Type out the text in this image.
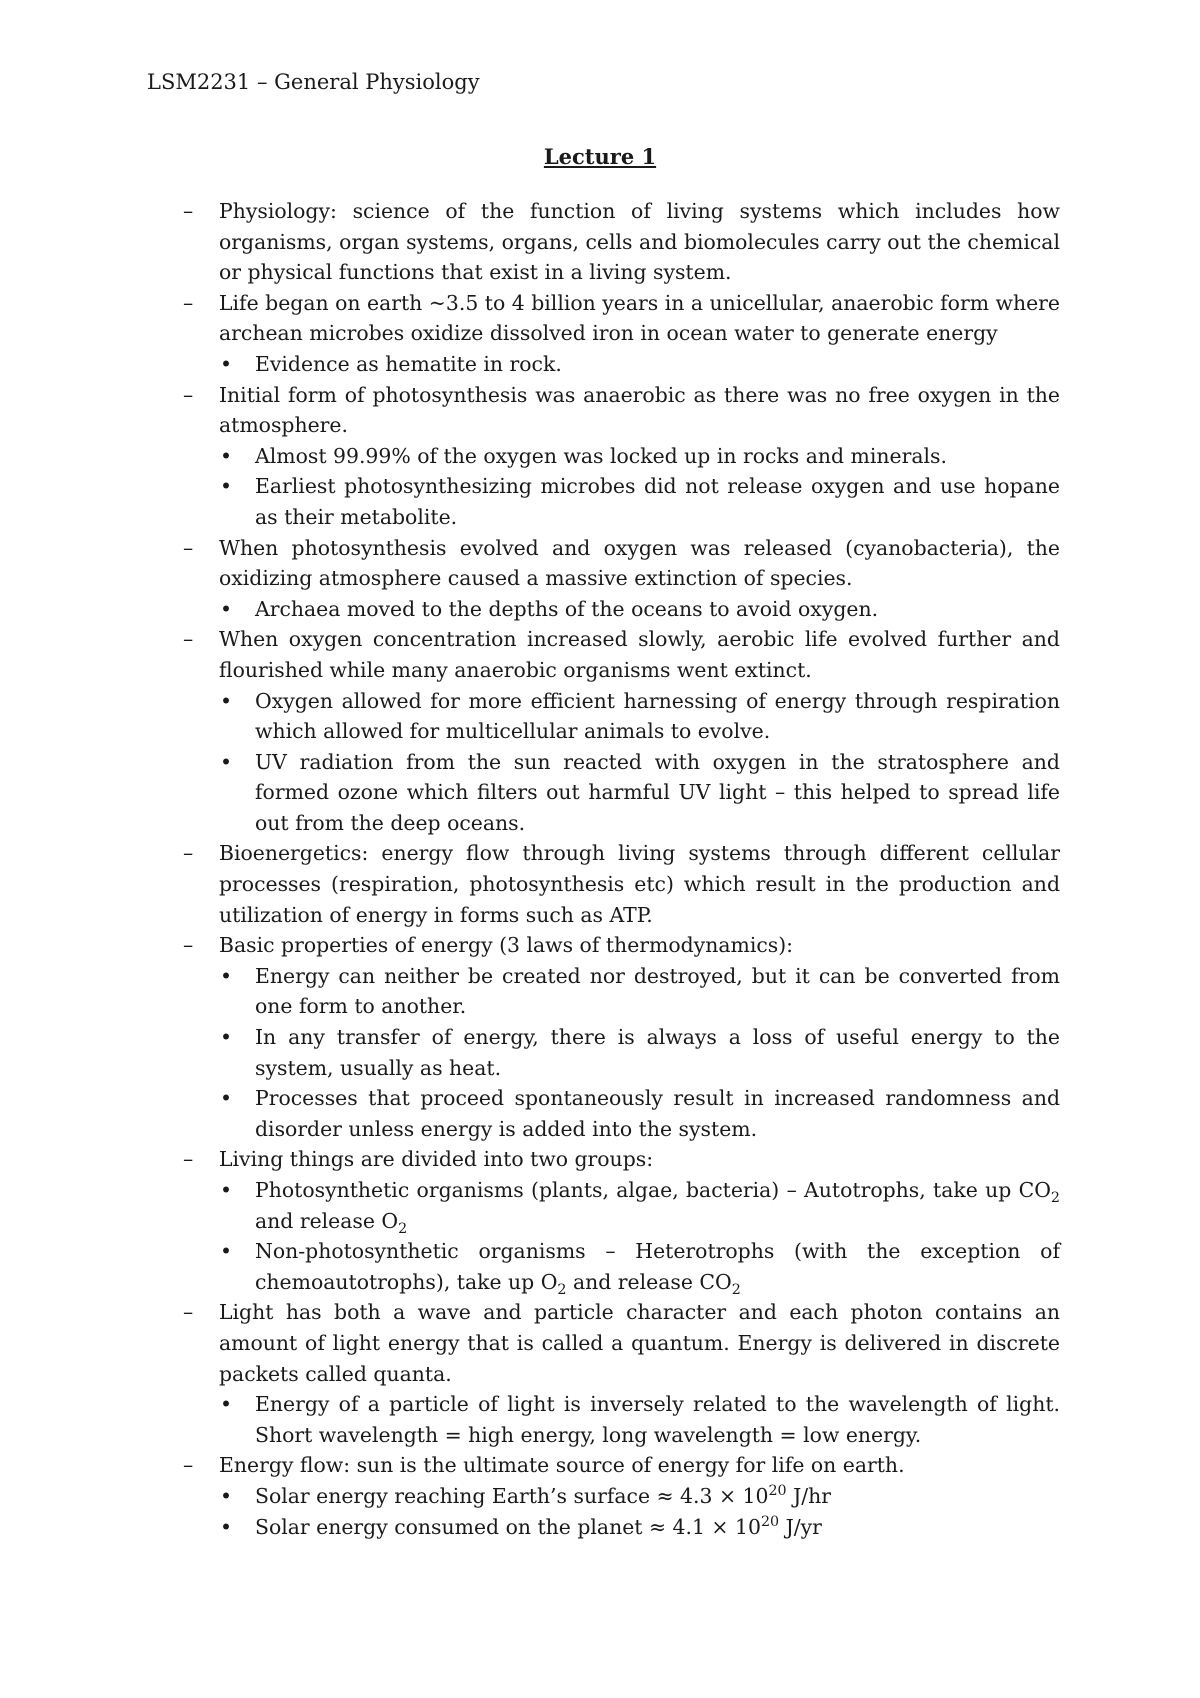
LSM2231 – General Physiology
Lecture 1
– Physiology: science of the function of living systems which includes how organisms, organ systems, organs, cells and biomolecules carry out the chemical or physical functions that exist in a living system.
– Life began on earth ~3.5 to 4 billion years in a unicellular, anaerobic form where archean microbes oxidize dissolved iron in ocean water to generate energy
• Evidence as hematite in rock.
– Initial form of photosynthesis was anaerobic as there was no free oxygen in the atmosphere.
• Almost 99.99% of the oxygen was locked up in rocks and minerals.
• Earliest photosynthesizing microbes did not release oxygen and use hopane as their metabolite.
– When photosynthesis evolved and oxygen was released (cyanobacteria), the oxidizing atmosphere caused a massive extinction of species.
• Archaea moved to the depths of the oceans to avoid oxygen.
– When oxygen concentration increased slowly, aerobic life evolved further and flourished while many anaerobic organisms went extinct.
• Oxygen allowed for more efficient harnessing of energy through respiration which allowed for multicellular animals to evolve.
• UV radiation from the sun reacted with oxygen in the stratosphere and formed ozone which filters out harmful UV light – this helped to spread life out from the deep oceans.
– Bioenergetics: energy flow through living systems through different cellular processes (respiration, photosynthesis etc) which result in the production and utilization of energy in forms such as ATP.
– Basic properties of energy (3 laws of thermodynamics):
• Energy can neither be created nor destroyed, but it can be converted from one form to another.
• In any transfer of energy, there is always a loss of useful energy to the system, usually as heat.
• Processes that proceed spontaneously result in increased randomness and disorder unless energy is added into the system.
– Living things are divided into two groups:
• Photosynthetic organisms (plants, algae, bacteria) – Autotrophs, take up $CO_2$ and release $O_2$
• Non-photosynthetic organisms – Heterotrophs (with the exception of chemoautotrophs), take up $O_2$ and release $CO_2$
– Light has both a wave and particle character and each photon contains an amount of light energy that is called a quantum. Energy is delivered in discrete packets called quanta.
• Energy of a particle of light is inversely related to the wavelength of light. Short wavelength = high energy, long wavelength = low energy.
– Energy flow: sun is the ultimate source of energy for life on earth.
• Solar energy reaching Earth’s surface ≈ $4.3 \times 10^{20}$ J/hr
• Solar energy consumed on the planet ≈ $4.1 \times 10^{20}$ J/yr
